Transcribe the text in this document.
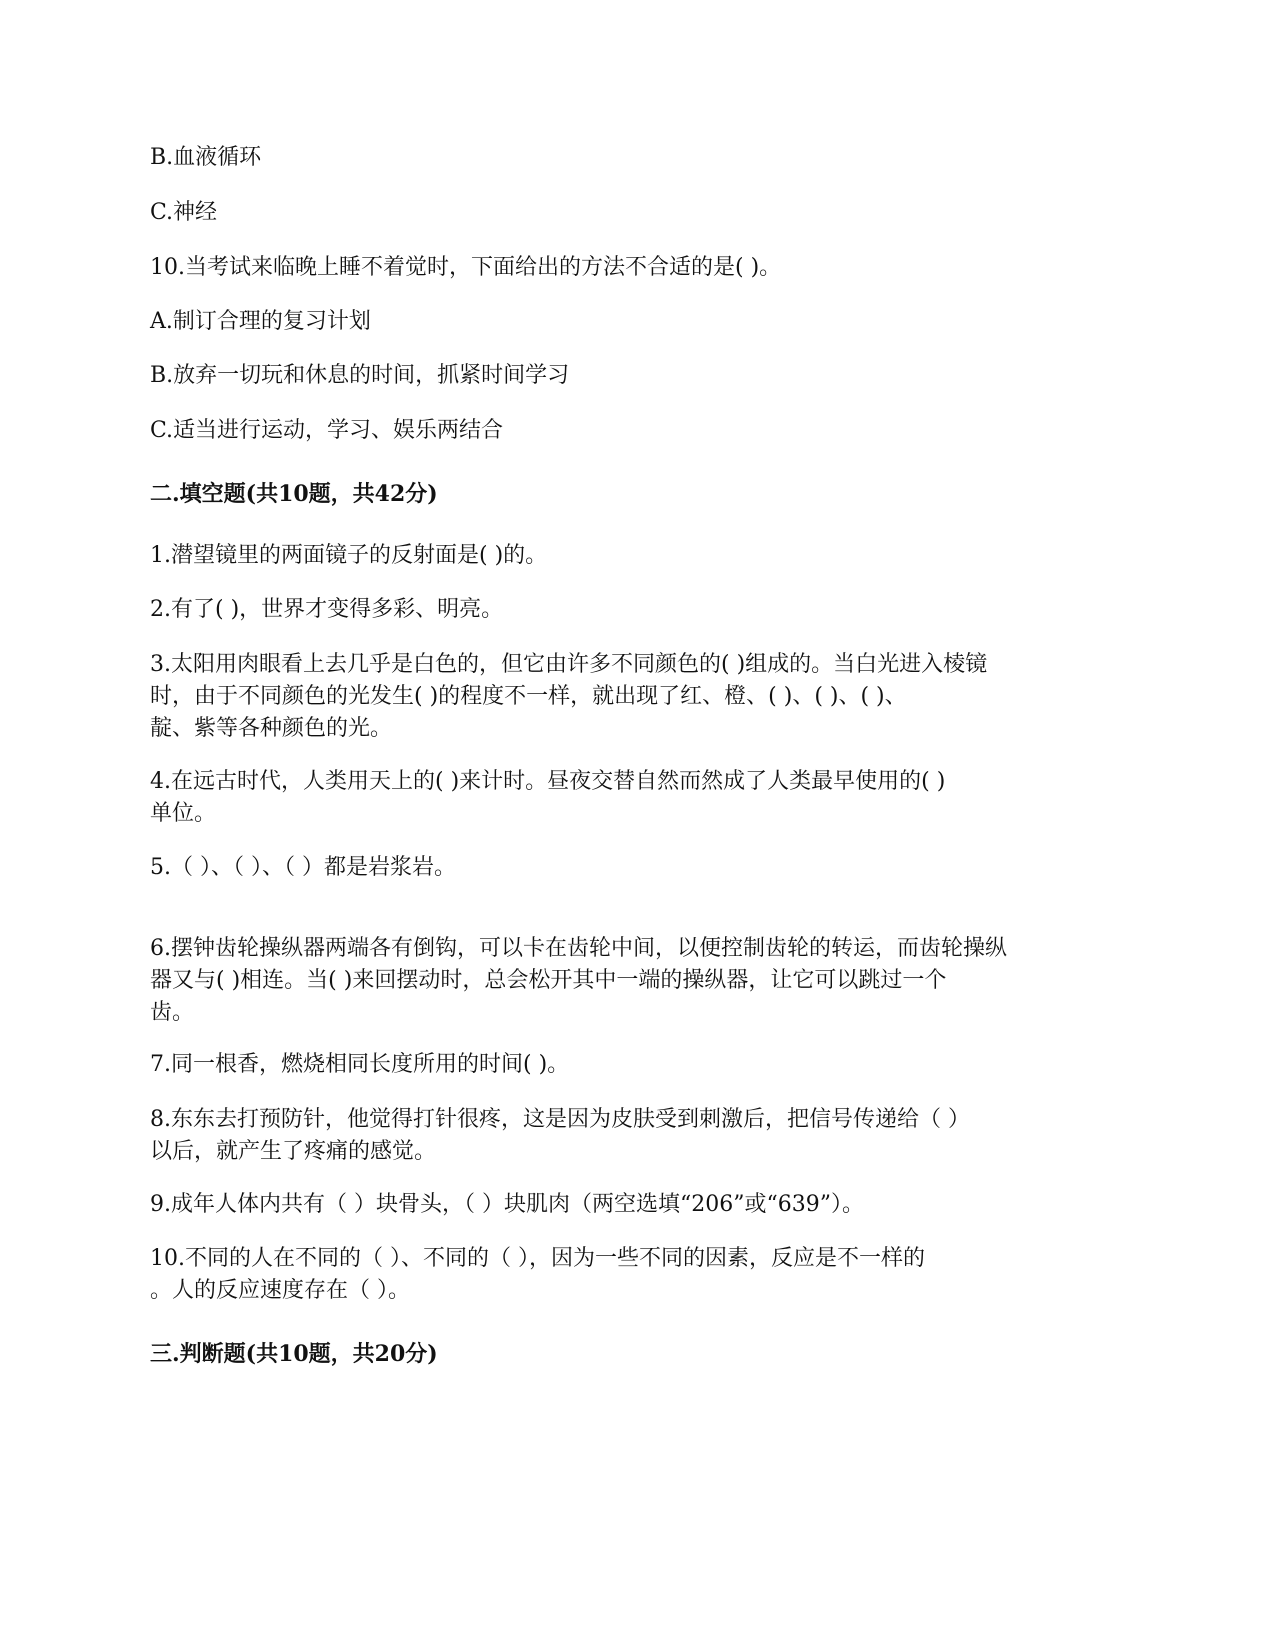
B.血液循环
C.神经
10.当考试来临晚上睡不着觉时，下面给出的方法不合适的是( )。
A.制订合理的复习计划
B.放弃一切玩和休息的时间，抓紧时间学习
C.适当进行运动，学习、娱乐两结合
二.填空题(共10题，共42分)
1.潜望镜里的两面镜子的反射面是( )的。
2.有了( )，世界才变得多彩、明亮。
3.太阳用肉眼看上去几乎是白色的，但它由许多不同颜色的( )组成的。当白光进入棱镜
时，由于不同颜色的光发生( )的程度不一样，就出现了红、橙、( )、( )、( )、
靛、紫等各种颜色的光。
4.在远古时代，人类用天上的( )来计时。昼夜交替自然而然成了人类最早使用的( )
单位。
5.（ ）、（ ）、（ ）都是岩浆岩。
6.摆钟齿轮操纵器两端各有倒钩，可以卡在齿轮中间，以便控制齿轮的转运，而齿轮操纵
器又与( )相连。当( )来回摆动时，总会松开其中一端的操纵器，让它可以跳过一个
齿。
7.同一根香，燃烧相同长度所用的时间( )。
8.东东去打预防针，他觉得打针很疼，这是因为皮肤受到刺激后，把信号传递给（ ）
以后，就产生了疼痛的感觉。
9.成年人体内共有（ ）块骨头，（ ）块肌肉（两空选填“206”或“639”）。
10.不同的人在不同的（ ）、不同的（ ），因为一些不同的因素，反应是不一样的
。人的反应速度存在（ ）。
三.判断题(共10题，共20分)
